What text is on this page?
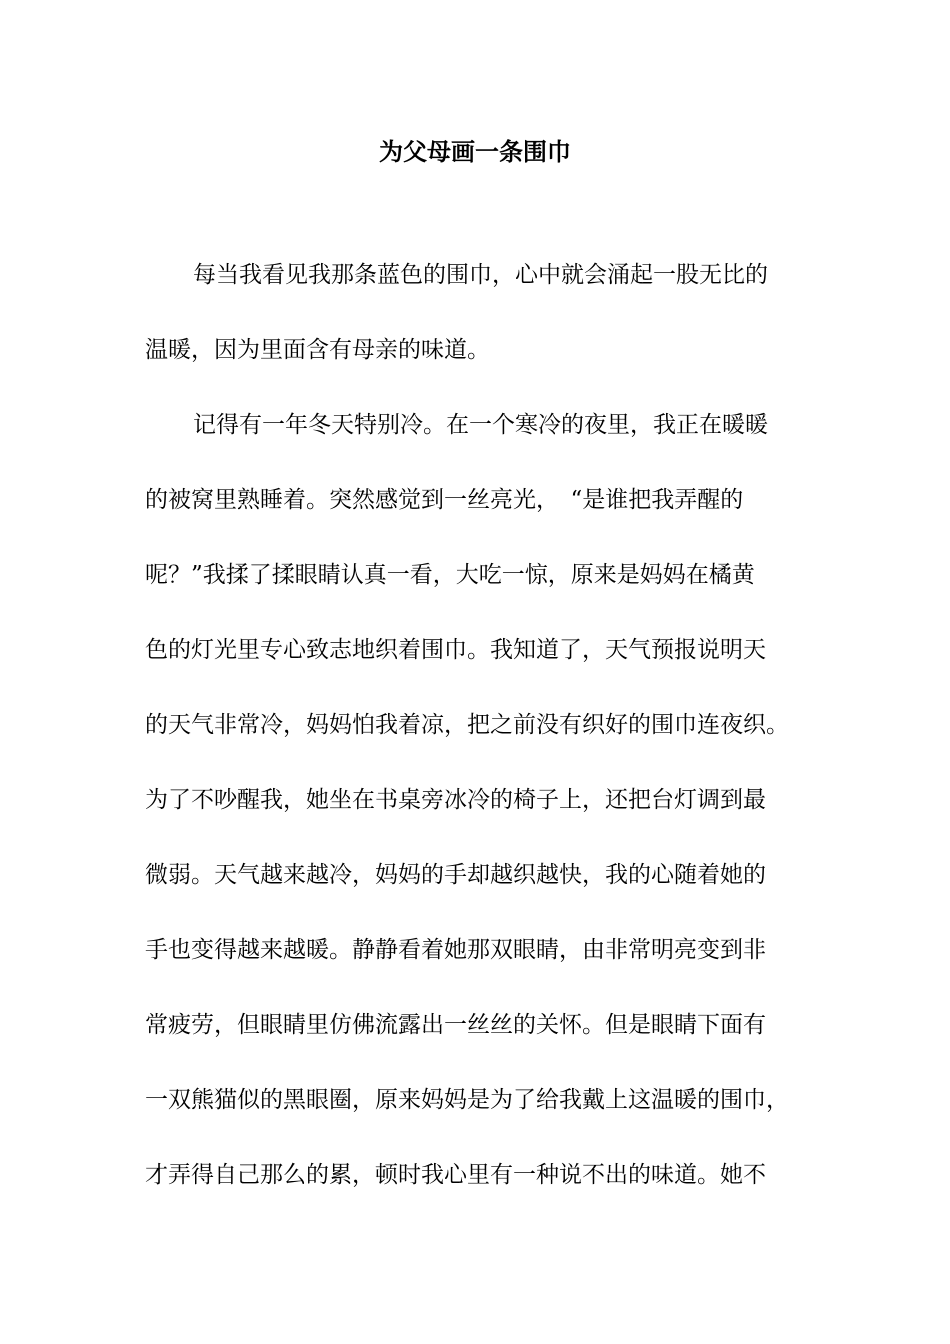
为父母画一条围巾

每当我看见我那条蓝色的围巾，心中就会涌起一股无比的

温暖，因为里面含有母亲的味道。

记得有一年冬天特别冷。在一个寒冷的夜里，我正在暖暖

的被窝里熟睡着。突然感觉到一丝亮光，　“是谁把我弄醒的

呢？”我揉了揉眼睛认真一看，大吃一惊，原来是妈妈在橘黄

色的灯光里专心致志地织着围巾。我知道了，天气预报说明天

的天气非常冷，妈妈怕我着凉，把之前没有织好的围巾连夜织。

为了不吵醒我，她坐在书桌旁冰冷的椅子上，还把台灯调到最

微弱。天气越来越冷，妈妈的手却越织越快，我的心随着她的

手也变得越来越暖。静静看着她那双眼睛，由非常明亮变到非

常疲劳，但眼睛里仿佛流露出一丝丝的关怀。但是眼睛下面有

一双熊猫似的黑眼圈，原来妈妈是为了给我戴上这温暖的围巾，

才弄得自己那么的累，顿时我心里有一种说不出的味道。她不
